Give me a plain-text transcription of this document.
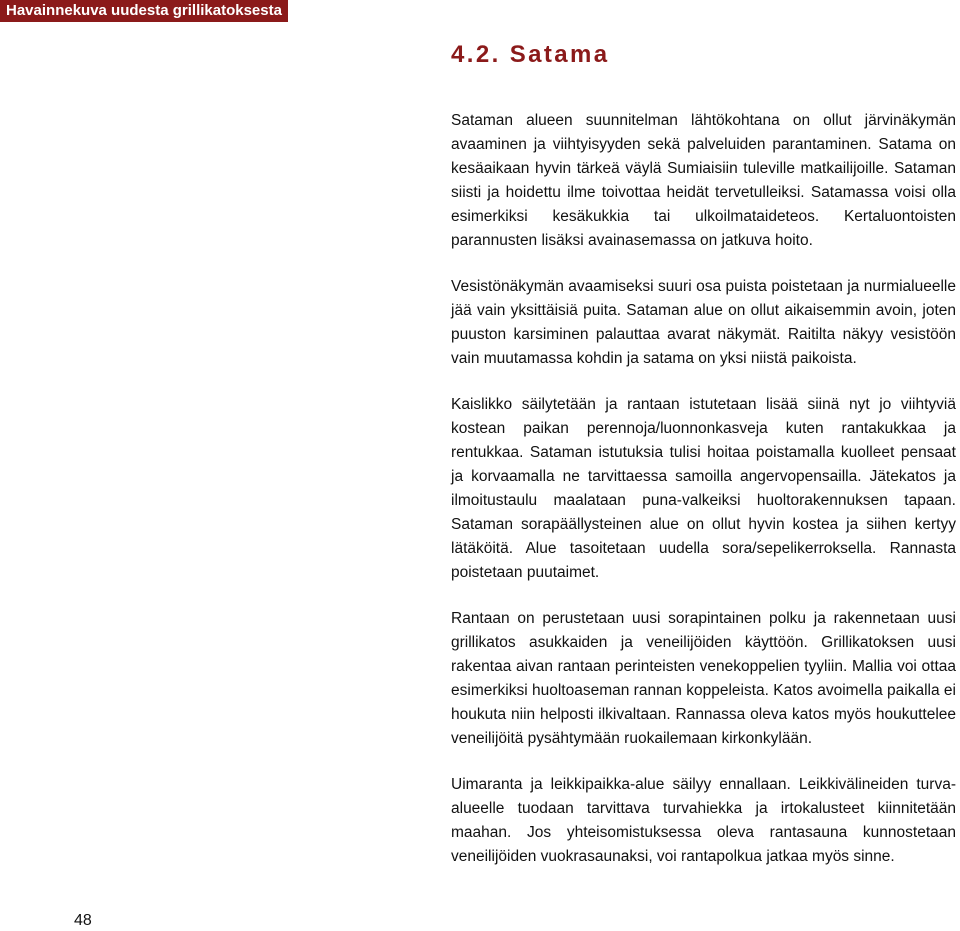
Havainnekuva uudesta grillikatoksesta
4.2. Satama

Sataman alueen suunnitelman lähtökohtana on ollut järvinäkymän avaaminen ja viihtyisyyden sekä palveluiden parantaminen. Satama on kesäaikaan hyvin tärkeä väylä Sumiaisiin tuleville matkailijoille. Sataman siisti ja hoidettu ilme toivottaa heidät tervetulleiksi. Satamassa voisi olla esimerkiksi kesäkukkia tai ulkoilmataideteos. Kertaluontoisten parannusten lisäksi avainasemassa on jatkuva hoito.

Vesistönäkymän avaamiseksi suuri osa puista poistetaan ja nurmialueelle jää vain yksittäisiä puita. Sataman alue on ollut aikaisemmin avoin, joten puuston karsiminen palauttaa avarat näkymät. Raitilta näkyy vesistöön vain muutamassa kohdin ja satama on yksi niistä paikoista.

Kaislikko säilytetään ja rantaan istutetaan lisää siinä nyt jo viihtyviä kostean paikan perennoja/luonnonkasveja kuten rantakukkaa ja rentukkaa. Sataman istutuksia tulisi hoitaa poistamalla kuolleet pensaat ja korvaamalla ne tarvittaessa samoilla angervopensailla. Jätekatos ja ilmoitustaulu maalataan puna-valkeiksi huoltorakennuksen tapaan. Sataman sorapäällysteinen alue on ollut hyvin kostea ja siihen kertyy lätäköitä. Alue tasoitetaan uudella sora/sepelikerroksella. Rannasta poistetaan puutaimet.

Rantaan on perustetaan uusi sorapintainen polku ja rakennetaan uusi grillikatos asukkaiden ja veneilijöiden käyttöön. Grillikatoksen uusi rakentaa aivan rantaan perinteisten venekoppelien tyyliin. Mallia voi ottaa esimerkiksi huoltoaseman rannan koppeleista. Katos avoimella paikalla ei houkuta niin helposti ilkivaltaan. Rannassa oleva katos myös houkuttelee veneilijöitä pysähtymään ruokailemaan kirkonkylään.

Uimaranta ja leikkipaikka-alue säilyy ennallaan. Leikkivälineiden turva-alueelle tuodaan tarvittava turvahiekka ja irtokalusteet kiinnitetään maahan. Jos yhteisomistuksessa oleva rantasauna kunnostetaan veneilijöiden vuokrasaunaksi, voi rantapolkua jatkaa myös sinne.

48
